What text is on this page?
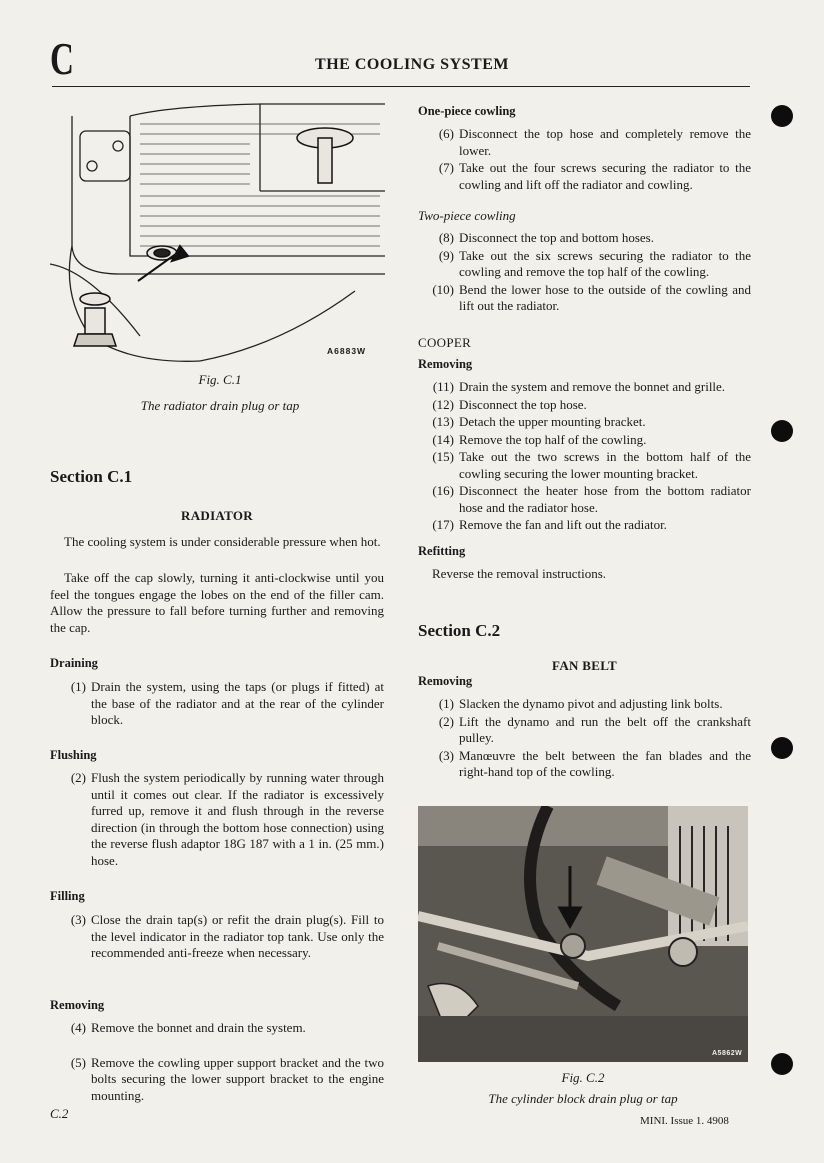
C	THE COOLING SYSTEM
A6883W
Fig. C.1
The radiator drain plug or tap
Section C.1
RADIATOR
The cooling system is under considerable pressure when hot.
Take off the cap slowly, turning it anti-clockwise until you feel the tongues engage the lobes on the end of the filler cam. Allow the pressure to fall before turning further and removing the cap.
Draining
(1) Drain the system, using the taps (or plugs if fitted) at the base of the radiator and at the rear of the cylinder block.
Flushing
(2) Flush the system periodically by running water through until it comes out clear. If the radiator is excessively furred up, remove it and flush through in the reverse direction (in through the bottom hose connection) using the reverse flush adaptor 18G 187 with a 1 in. (25 mm.) hose.
Filling
(3) Close the drain tap(s) or refit the drain plug(s). Fill to the level indicator in the radiator top tank. Use only the recommended anti-freeze when necessary.
Removing
(4) Remove the bonnet and drain the system.
(5) Remove the cowling upper support bracket and the two bolts securing the lower support bracket to the engine mounting.
One-piece cowling
(6) Disconnect the top hose and completely remove the lower.
(7) Take out the four screws securing the radiator to the cowling and lift off the radiator and cowling.
Two-piece cowling
(8) Disconnect the top and bottom hoses.
(9) Take out the six screws securing the radiator to the cowling and remove the top half of the cowling.
(10) Bend the lower hose to the outside of the cowling and lift out the radiator.
COOPER
Removing
(11) Drain the system and remove the bonnet and grille.
(12) Disconnect the top hose.
(13) Detach the upper mounting bracket.
(14) Remove the top half of the cowling.
(15) Take out the two screws in the bottom half of the cowling securing the lower mounting bracket.
(16) Disconnect the heater hose from the bottom radiator hose and the radiator hose.
(17) Remove the fan and lift out the radiator.
Refitting
Reverse the removal instructions.
Section C.2
FAN BELT
Removing
(1) Slacken the dynamo pivot and adjusting link bolts.
(2) Lift the dynamo and run the belt off the crankshaft pulley.
(3) Manœuvre the belt between the fan blades and the right-hand top of the cowling.
A5862W
Fig. C.2
The cylinder block drain plug or tap
C.2	MINI. Issue 1. 4908
